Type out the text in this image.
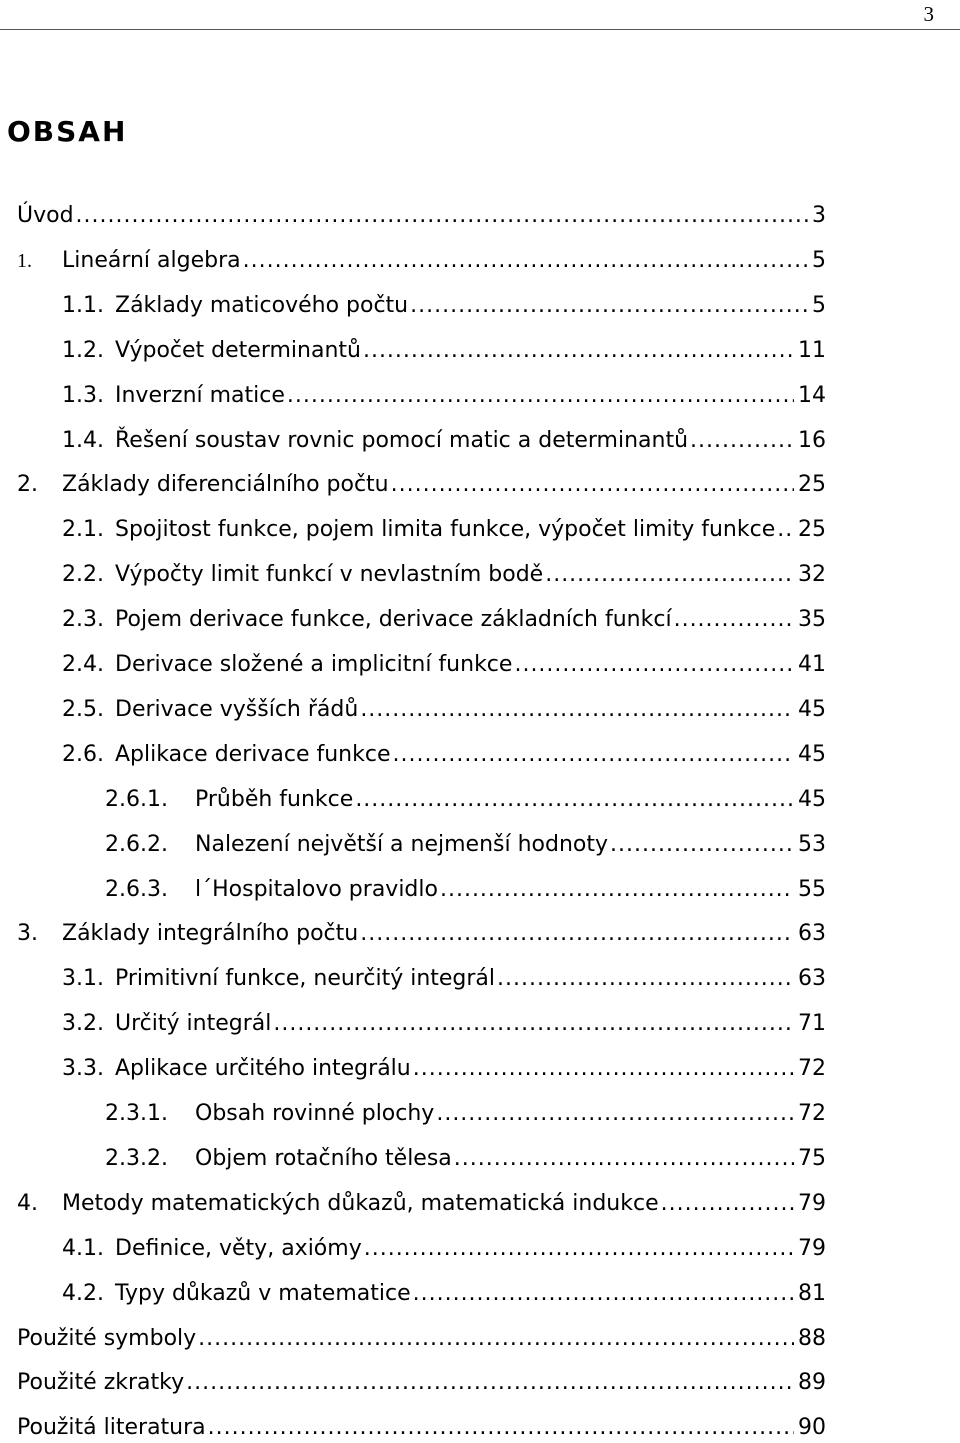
3
OBSAH
Úvod .....	3
1.	Lineární algebra .....	5
1.1. Základy maticového počtu .....	5
1.2. Výpočet determinantů .....	11
1.3. Inverzní matice .....	14
1.4. Řešení soustav rovnic pomocí matic a determinantů .....	16
2.	Základy diferenciálního počtu .....	25
2.1. Spojitost funkce, pojem limita funkce, výpočet limity funkce ..... 25
2.2. Výpočty limit funkcí v nevlastním bodě .....	32
2.3. Pojem derivace funkce, derivace základních funkcí .....	35
2.4. Derivace složené a implicitní funkce .....	41
2.5. Derivace vyšších řádů .....	45
2.6. Aplikace derivace funkce .....	45
2.6.1.	Průběh funkce .....	45
2.6.2.	Nalezení největší a nejmenší hodnoty .....	53
2.6.3.	l´Hospitalovo pravidlo .....	55
3.	Základy integrálního počtu .....	63
3.1. Primitivní funkce, neurčitý integrál .....	63
3.2. Určitý integrál .....	71
3.3. Aplikace určitého integrálu .....	72
2.3.1.	Obsah rovinné plochy .....	72
2.3.2.	Objem rotačního tělesa .....	75
4.	Metody matematických důkazů, matematická indukce .....	79
4.1. Definice, věty, axiómy .....	79
4.2. Typy důkazů v matematice .....	81
Použité symboly .....	88
Použité zkratky .....	89
Použitá literatura .....	90
